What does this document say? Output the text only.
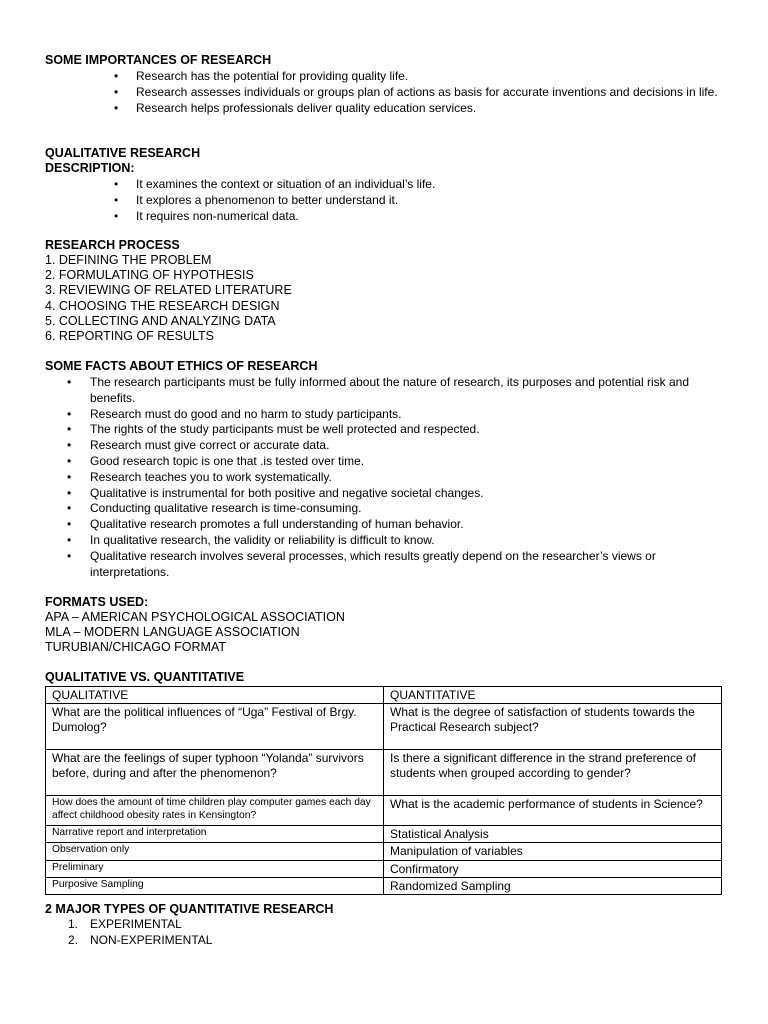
SOME IMPORTANCES OF RESEARCH
• Research has the potential for providing quality life.
• Research assesses individuals or groups plan of actions as basis for accurate inventions and decisions in life.
• Research helps professionals deliver quality education services.
QUALITATIVE RESEARCH
DESCRIPTION:
• It examines the context or situation of an individual’s life.
• It explores a phenomenon to better understand it.
• It requires non-numerical data.
RESEARCH PROCESS
1. DEFINING THE PROBLEM
2. FORMULATING OF HYPOTHESIS
3. REVIEWING OF RELATED LITERATURE
4. CHOOSING THE RESEARCH DESIGN
5. COLLECTING AND ANALYZING DATA
6. REPORTING OF RESULTS
SOME FACTS ABOUT ETHICS OF RESEARCH
• The research participants must be fully informed about the nature of research, its purposes and potential risk and benefits.
• Research must do good and no harm to study participants.
• The rights of the study participants must be well protected and respected.
• Research must give correct or accurate data.
• Good research topic is one that .is tested over time.
• Research teaches you to work systematically.
• Qualitative is instrumental for both positive and negative societal changes.
• Conducting qualitative research is time-consuming.
• Qualitative research promotes a full understanding of human behavior.
• In qualitative research, the validity or reliability is difficult to know.
• Qualitative research involves several processes, which results greatly depend on the researcher’s views or interpretations.
FORMATS USED:
APA – AMERICAN PSYCHOLOGICAL ASSOCIATION
MLA – MODERN LANGUAGE ASSOCIATION
TURUBIAN/CHICAGO FORMAT
QUALITATIVE VS. QUANTITATIVE
QUALITATIVE	QUANTITATIVE
What are the political influences of “Uga” Festival of Brgy. Dumolog?	What is the degree of satisfaction of students towards the Practical Research subject?
What are the feelings of super typhoon “Yolanda” survivors before, during and after the phenomenon?	Is there a significant difference in the strand preference of students when grouped according to gender?
How does the amount of time children play computer games each day affect childhood obesity rates in Kensington?	What is the academic performance of students in Science?
Narrative report and interpretation	Statistical Analysis
Observation only	Manipulation of variables
Preliminary	Confirmatory
Purposive Sampling	Randomized Sampling
2 MAJOR TYPES OF QUANTITATIVE RESEARCH
1. EXPERIMENTAL
2. NON-EXPERIMENTAL
